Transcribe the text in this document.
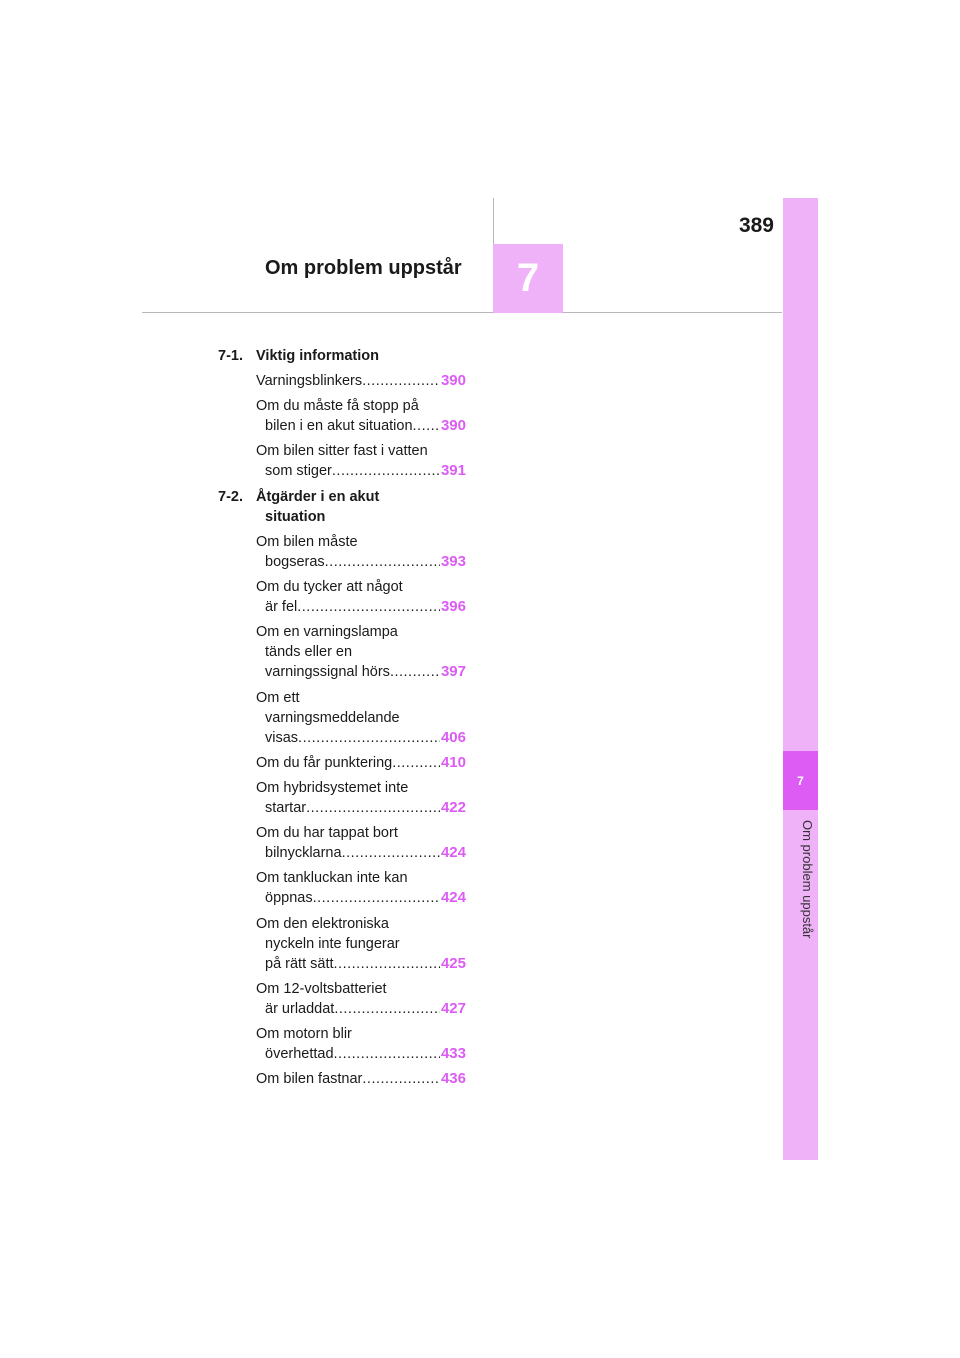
389
Om problem uppstår	7
7
Om problem uppstår
7-1. Viktig information
Varningsblinkers .....	390
Om du måste få stopp på
bilen i en akut situation ..... 390
Om bilen sitter fast i vatten
som stiger .....	391
7-2. Åtgärder i en akut
situation
Om bilen måste
bogseras .....	393
Om du tycker att något
är fel .....	396
Om en varningslampa
tänds eller en
varningssignal hörs .....	397
Om ett
varningsmeddelande
visas .....	406
Om du får punktering .....	410
Om hybridsystemet inte
startar .....	422
Om du har tappat bort
bilnycklarna .....	424
Om tankluckan inte kan
öppnas .....	424
Om den elektroniska
nyckeln inte fungerar
på rätt sätt .....	425
Om 12-voltsbatteriet
är urladdat .....	427
Om motorn blir
överhettad .....	433
Om bilen fastnar .....	436
